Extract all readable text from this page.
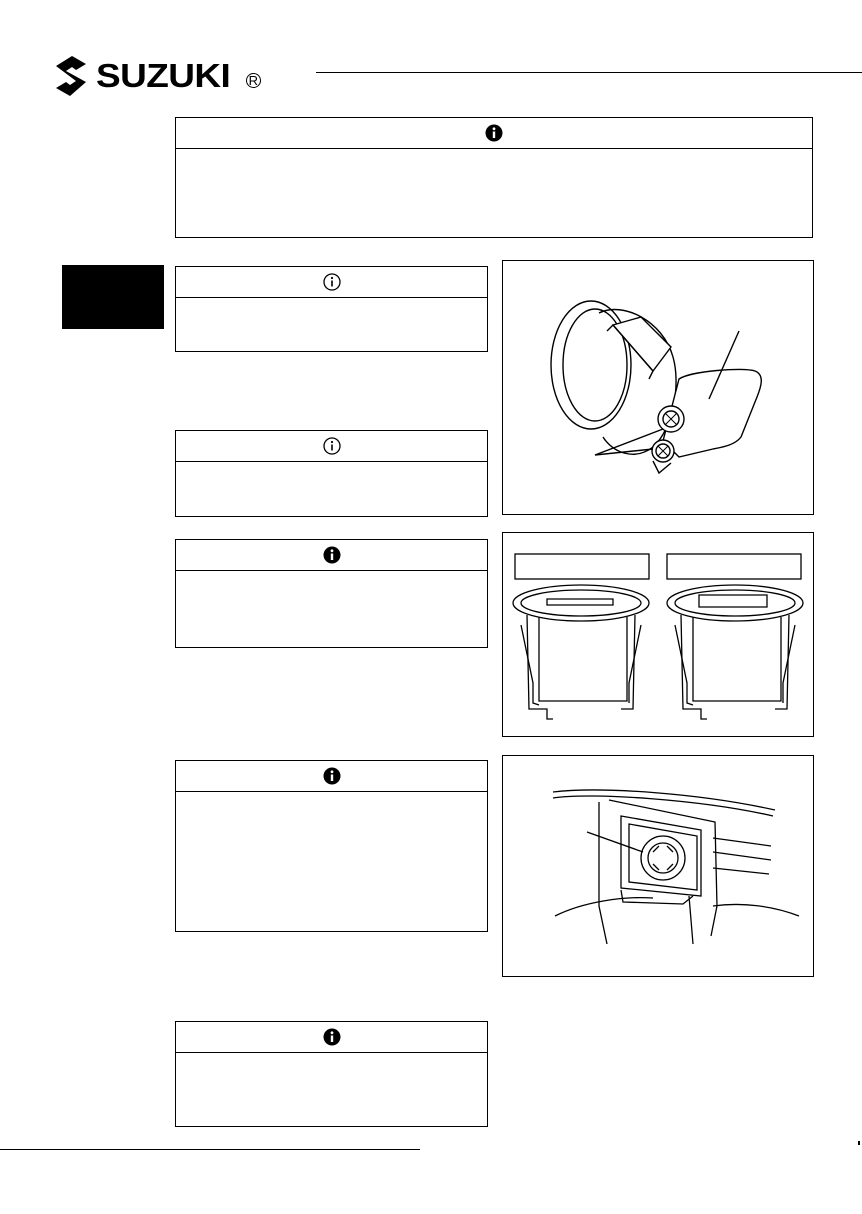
SUZUKI R
